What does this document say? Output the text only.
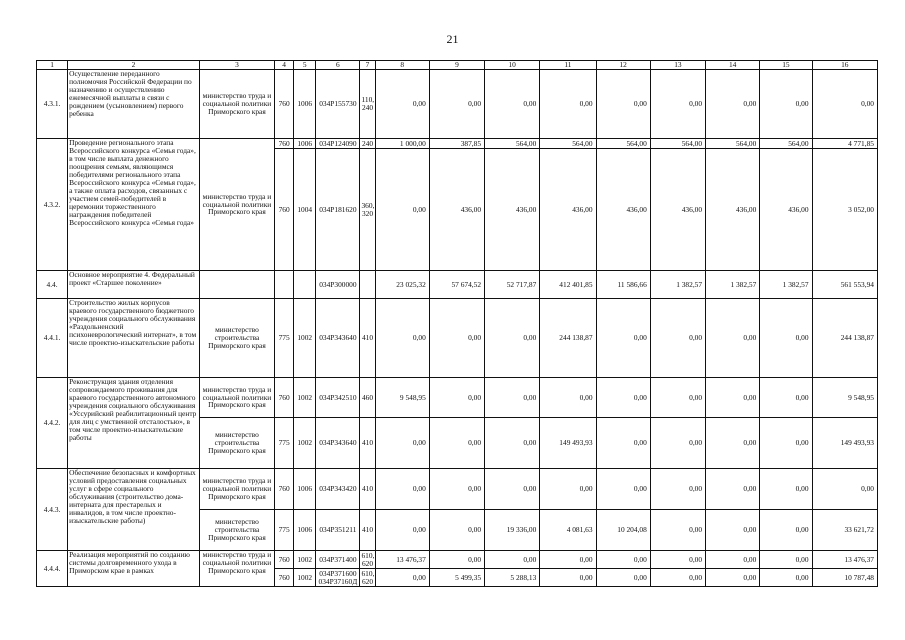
21
1	2	3	4	5	6	7	8	9	10	11	12	13	14	15	16
4.3.1.	Осуществление переданного полномочия Российской Федерации по назначению и осуществлению ежемесячной выплаты в связи с рождением (усыновлением) первого ребенка	министерство труда и социальной политики Приморского края	760	1006	034P155730	110, 240	0,00	0,00	0,00	0,00	0,00	0,00	0,00	0,00	0,00
4.3.2.	Проведение регионального этапа Всероссийского конкурса «Семья года», в том числе выплата денежного поощрения семьям, являющимся победителями регионального этапа Всероссийского конкурса «Семья года», а также оплата расходов, связанных с участием семей-победителей в церемонии торжественного награждения победителей Всероссийского конкурса «Семья года»	министерство труда и социальной политики Приморского края	760	1006	034P124090	240	1 000,00	387,85	564,00	564,00	564,00	564,00	564,00	564,00	4 771,85
			760	1004	034P181620	360, 320	0,00	436,00	436,00	436,00	436,00	436,00	436,00	436,00	3 052,00
4.4.	Основное мероприятие 4. Федеральный проект «Старшее поколение»				034P300000		23 025,32	57 674,52	52 717,87	412 401,85	11 586,66	1 382,57	1 382,57	1 382,57	561 553,94
4.4.1.	Строительство жилых корпусов краевого государственного бюджетного учреждения социального обслуживания «Раздольненский психоневрологический интернат», в том числе проектно-изыскательские работы	министерство строительства Приморского края	775	1002	034P343640	410	0,00	0,00	0,00	244 138,87	0,00	0,00	0,00	0,00	244 138,87
4.4.2.	Реконструкция здания отделения сопровождаемого проживания для краевого государственного автономного учреждения социального обслуживания «Уссурийский реабилитационный центр для лиц с умственной отсталостью», в том числе проектно-изыскательские работы	министерство труда и социальной политики Приморского края	760	1002	034P342510	460	9 548,95	0,00	0,00	0,00	0,00	0,00	0,00	0,00	9 548,95
		министерство строительства Приморского края	775	1002	034P343640	410	0,00	0,00	0,00	149 493,93	0,00	0,00	0,00	0,00	149 493,93
4.4.3.	Обеспечение безопасных и комфортных условий предоставления социальных услуг в сфере социального обслуживания (строительство дома-интерната для престарелых и инвалидов, в том числе проектно-изыскательские работы)	министерство труда и социальной политики Приморского края	760	1006	034P343420	410	0,00	0,00	0,00	0,00	0,00	0,00	0,00	0,00	0,00
		министерство строительства Приморского края	775	1006	034P351211	410	0,00	0,00	19 336,00	4 081,63	10 204,08	0,00	0,00	0,00	33 621,72
4.4.4.	Реализация мероприятий по созданию системы долговременного ухода в Приморском крае в рамках	министерство труда и социальной политики Приморского края	760	1002	034P371400	610, 620	13 476,37	0,00	0,00	0,00	0,00	0,00	0,00	0,00	13 476,37
			760	1002	034P371600 034P37160Д	610, 620	0,00	5 499,35	5 288,13	0,00	0,00	0,00	0,00	0,00	10 787,48
